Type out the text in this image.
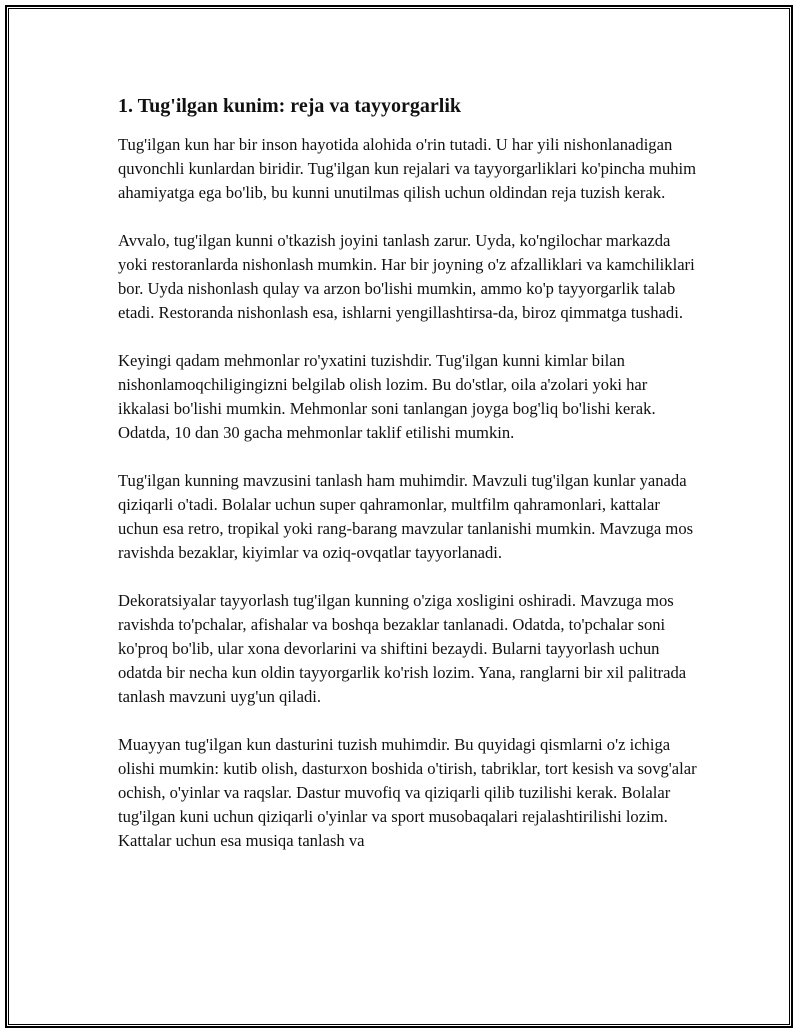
1. Tug'ilgan kunim: reja va tayyorgarlik

Tug'ilgan kun har bir inson hayotida alohida o'rin tutadi. U har yili nishonlanadigan quvonchli kunlardan biridir. Tug'ilgan kun rejalari va tayyorgarliklari ko'pincha muhim ahamiyatga ega bo'lib, bu kunni unutilmas qilish uchun oldindan reja tuzish kerak.

Avvalo, tug'ilgan kunni o'tkazish joyini tanlash zarur. Uyda, ko'ngilochar markazda yoki restoranlarda nishonlash mumkin. Har bir joyning o'z afzalliklari va kamchiliklari bor. Uyda nishonlash qulay va arzon bo'lishi mumkin, ammo ko'p tayyorgarlik talab etadi. Restoranda nishonlash esa, ishlarni yengillashtirsa-da, biroz qimmatga tushadi.

Keyingi qadam mehmonlar ro'yxatini tuzishdir. Tug'ilgan kunni kimlar bilan nishonlamoqchiligingizni belgilab olish lozim. Bu do'stlar, oila a'zolari yoki har ikkalasi bo'lishi mumkin. Mehmonlar soni tanlangan joyga bog'liq bo'lishi kerak. Odatda, 10 dan 30 gacha mehmonlar taklif etilishi mumkin.

Tug'ilgan kunning mavzusini tanlash ham muhimdir. Mavzuli tug'ilgan kunlar yanada qiziqarli o'tadi. Bolalar uchun super qahramonlar, multfilm qahramonlari, kattalar uchun esa retro, tropikal yoki rang-barang mavzular tanlanishi mumkin. Mavzuga mos ravishda bezaklar, kiyimlar va oziq-ovqatlar tayyorlanadi.

Dekoratsiyalar tayyorlash tug'ilgan kunning o'ziga xosligini oshiradi. Mavzuga mos ravishda to'pchalar, afishalar va boshqa bezaklar tanlanadi. Odatda, to'pchalar soni ko'proq bo'lib, ular xona devorlarini va shiftini bezaydi. Bularni tayyorlash uchun odatda bir necha kun oldin tayyorgarlik ko'rish lozim. Yana, ranglarni bir xil palitrada tanlash mavzuni uyg'un qiladi.

Muayyan tug'ilgan kun dasturini tuzish muhimdir. Bu quyidagi qismlarni o'z ichiga olishi mumkin: kutib olish, dasturxon boshida o'tirish, tabriklar, tort kesish va sovg'alar ochish, o'yinlar va raqslar. Dastur muvofiq va qiziqarli qilib tuzilishi kerak. Bolalar tug'ilgan kuni uchun qiziqarli o'yinlar va sport musobaqalari rejalashtirilishi lozim. Kattalar uchun esa musiqa tanlash va
